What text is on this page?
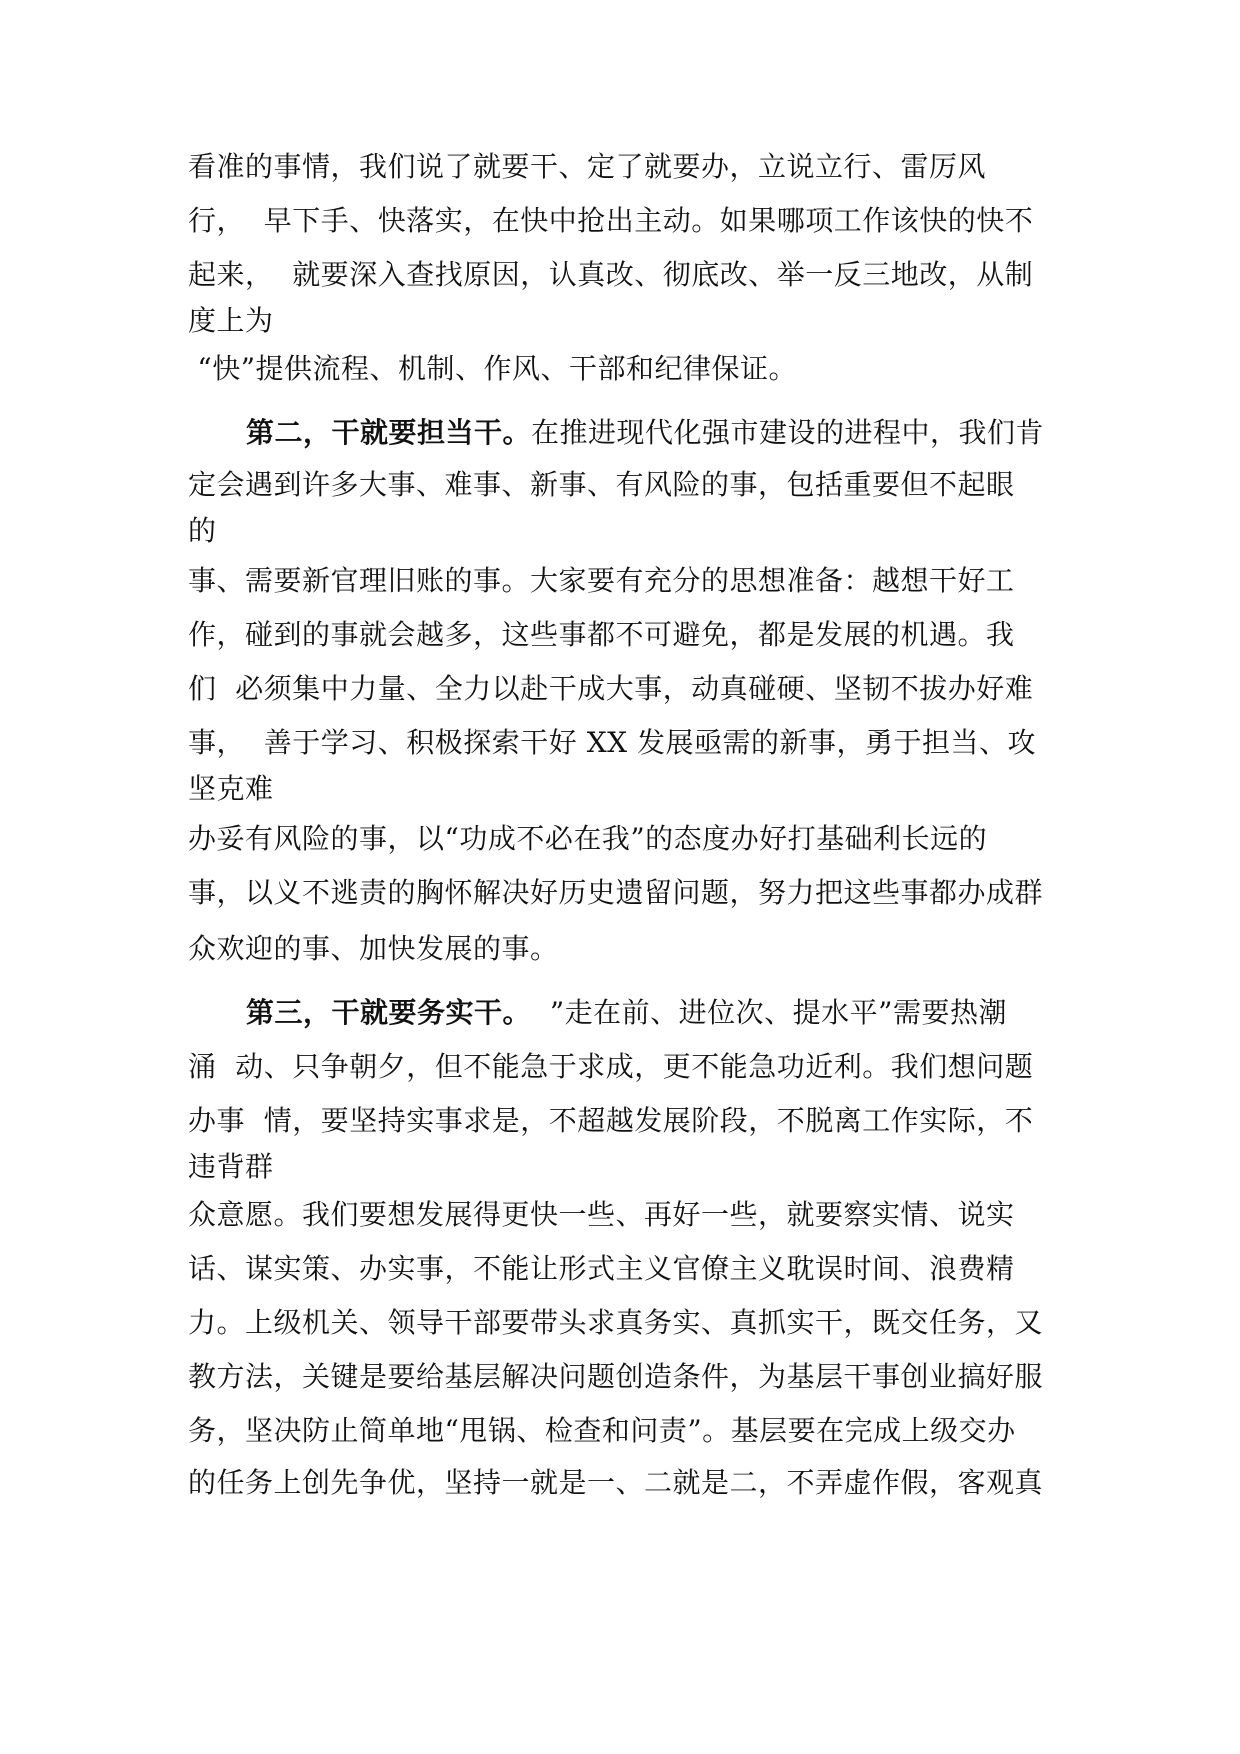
看准的事情，我们说了就要干、定了就要办，立说立行、雷厉风
行，  早下手、快落实，在快中抢出主动。如果哪项工作该快的快不
起来，  就要深入查找原因，认真改、彻底改、举一反三地改，从制
度上为
“快”提供流程、机制、作风、干部和纪律保证。
第二，干就要担当干。在推进现代化强市建设的进程中，我们肯
定会遇到许多大事、难事、新事、有风险的事，包括重要但不起眼
的
事、需要新官理旧账的事。大家要有充分的思想准备：越想干好工
作，碰到的事就会越多，这些事都不可避免，都是发展的机遇。我
们  必须集中力量、全力以赴干成大事，动真碰硬、坚韧不拔办好难
事，  善于学习、积极探索干好 XX 发展亟需的新事，勇于担当、攻
坚克难
办妥有风险的事，以“功成不必在我”的态度办好打基础利长远的
事，以义不逃责的胸怀解决好历史遗留问题，努力把这些事都办成群
众欢迎的事、加快发展的事。
第三，干就要务实干。  ”走在前、进位次、提水平”需要热潮
涌  动、只争朝夕，但不能急于求成，更不能急功近利。我们想问题
办事  情，要坚持实事求是，不超越发展阶段，不脱离工作实际，不
违背群
众意愿。我们要想发展得更快一些、再好一些，就要察实情、说实
话、谋实策、办实事，不能让形式主义官僚主义耽误时间、浪费精
力。上级机关、领导干部要带头求真务实、真抓实干，既交任务，又
教方法，关键是要给基层解决问题创造条件，为基层干事创业搞好服
务，坚决防止简单地“甩锅、检查和问责”。基层要在完成上级交办
的任务上创先争优，坚持一就是一、二就是二，不弄虚作假，客观真
